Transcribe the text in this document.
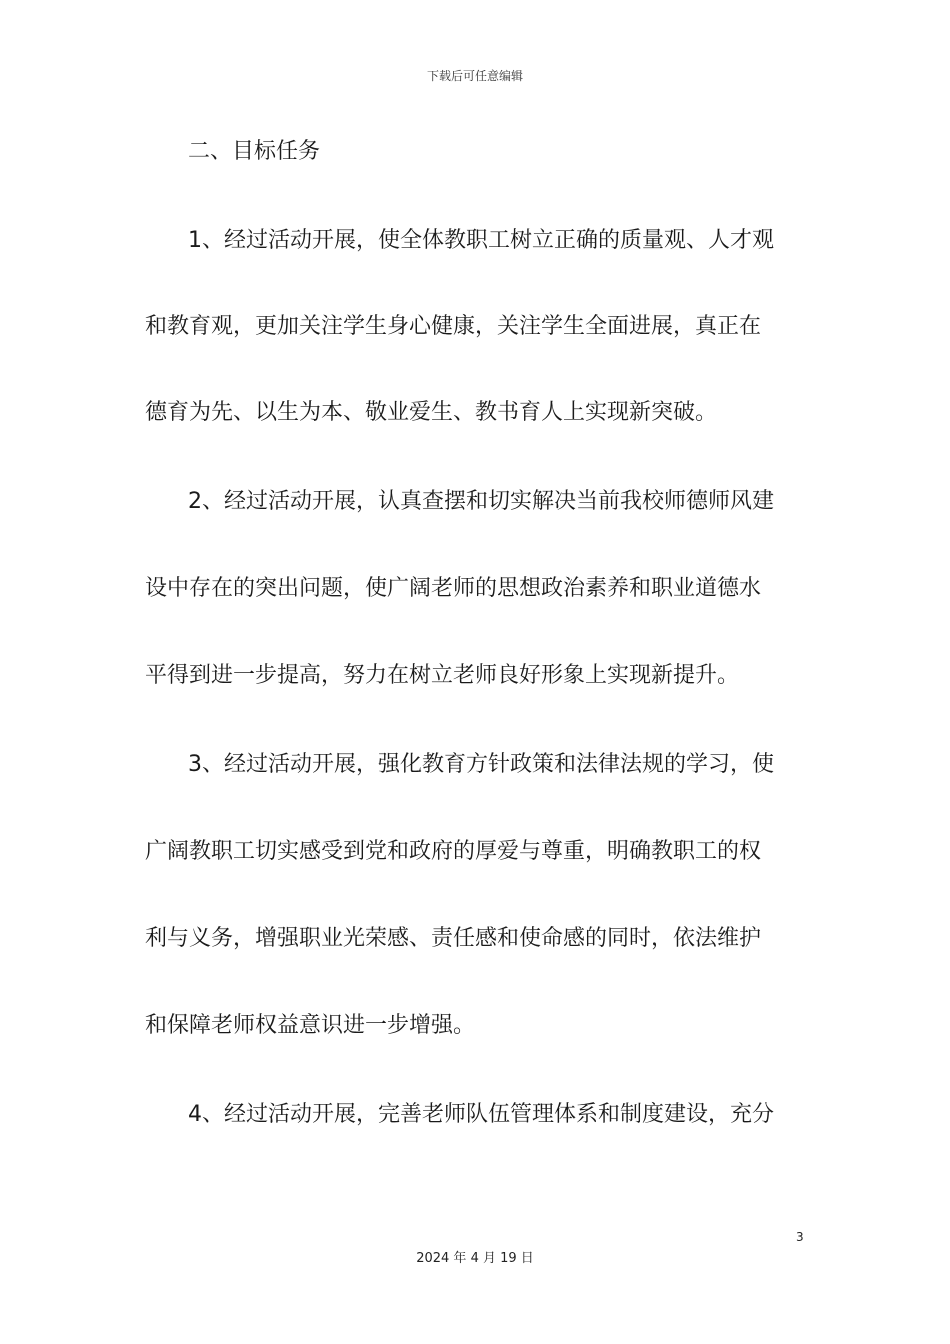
下载后可任意编辑
二、目标任务
1、经过活动开展，使全体教职工树立正确的质量观、人才观
和教育观，更加关注学生身心健康，关注学生全面进展，真正在
德育为先、以生为本、敬业爱生、教书育人上实现新突破。
2、经过活动开展，认真查摆和切实解决当前我校师德师风建
设中存在的突出问题，使广阔老师的思想政治素养和职业道德水
平得到进一步提高，努力在树立老师良好形象上实现新提升。
3、经过活动开展，强化教育方针政策和法律法规的学习，使
广阔教职工切实感受到党和政府的厚爱与尊重，明确教职工的权
利与义务，增强职业光荣感、责任感和使命感的同时，依法维护
和保障老师权益意识进一步增强。
4、经过活动开展，完善老师队伍管理体系和制度建设，充分
3
2024 年 4 月 19 日
